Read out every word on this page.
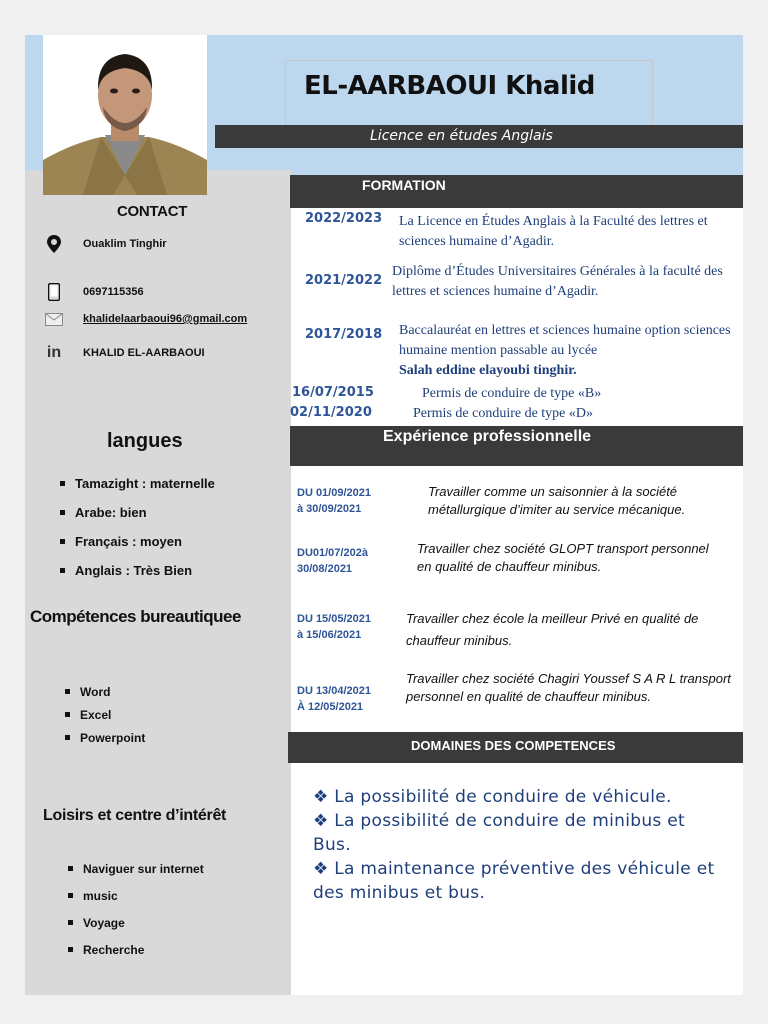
EL-AARBAOUI Khalid
Licence en études Anglais
CONTACT
Ouaklim Tinghir
0697115356
khalidelaarbaoui96@gmail.com
in KHALID EL-AARBAOUI
langues
Tamazight : maternelle
Arabe: bien
Français : moyen
Anglais : Très Bien
Compétences bureautiquee
Word
Excel
Powerpoint
Loisirs et centre d’intérêt
Naviguer sur internet
music
Voyage
Recherche
FORMATION
2022/2023 La Licence en Études Anglais à la Faculté des lettres et sciences humaine d’Agadir.
2021/2022
Diplôme d’Études Universitaires Générales à la faculté des lettres et sciences humaine d’Agadir.
2017/2018 Baccalauréat en lettres et sciences humaine option sciences humaine mention passable au lycée
Salah eddine elayoubi tinghir.
16/07/2015	Permis de conduire de type «B»
02/11/2020	Permis de conduire de type «D»
Expérience professionnelle
DU 01/09/2021
à 30/09/2021
Travailler comme un saisonnier à la société métallurgique d’imiter au service mécanique.
DU01/07/202à
30/08/2021
Travailler chez société GLOPT transport personnel en qualité de chauffeur minibus.
DU 15/05/2021
à 15/06/2021
Travailler chez école la meilleur Privé en qualité de chauffeur minibus.
DU 13/04/2021
À 12/05/2021
Travailler chez société Chagiri Youssef S A R L transport personnel en qualité de chauffeur minibus.
DOMAINES DES COMPETENCES
❖ La possibilité de conduire de véhicule.
❖ La possibilité de conduire de minibus et Bus.
❖ La maintenance préventive des véhicule et des minibus et bus.
